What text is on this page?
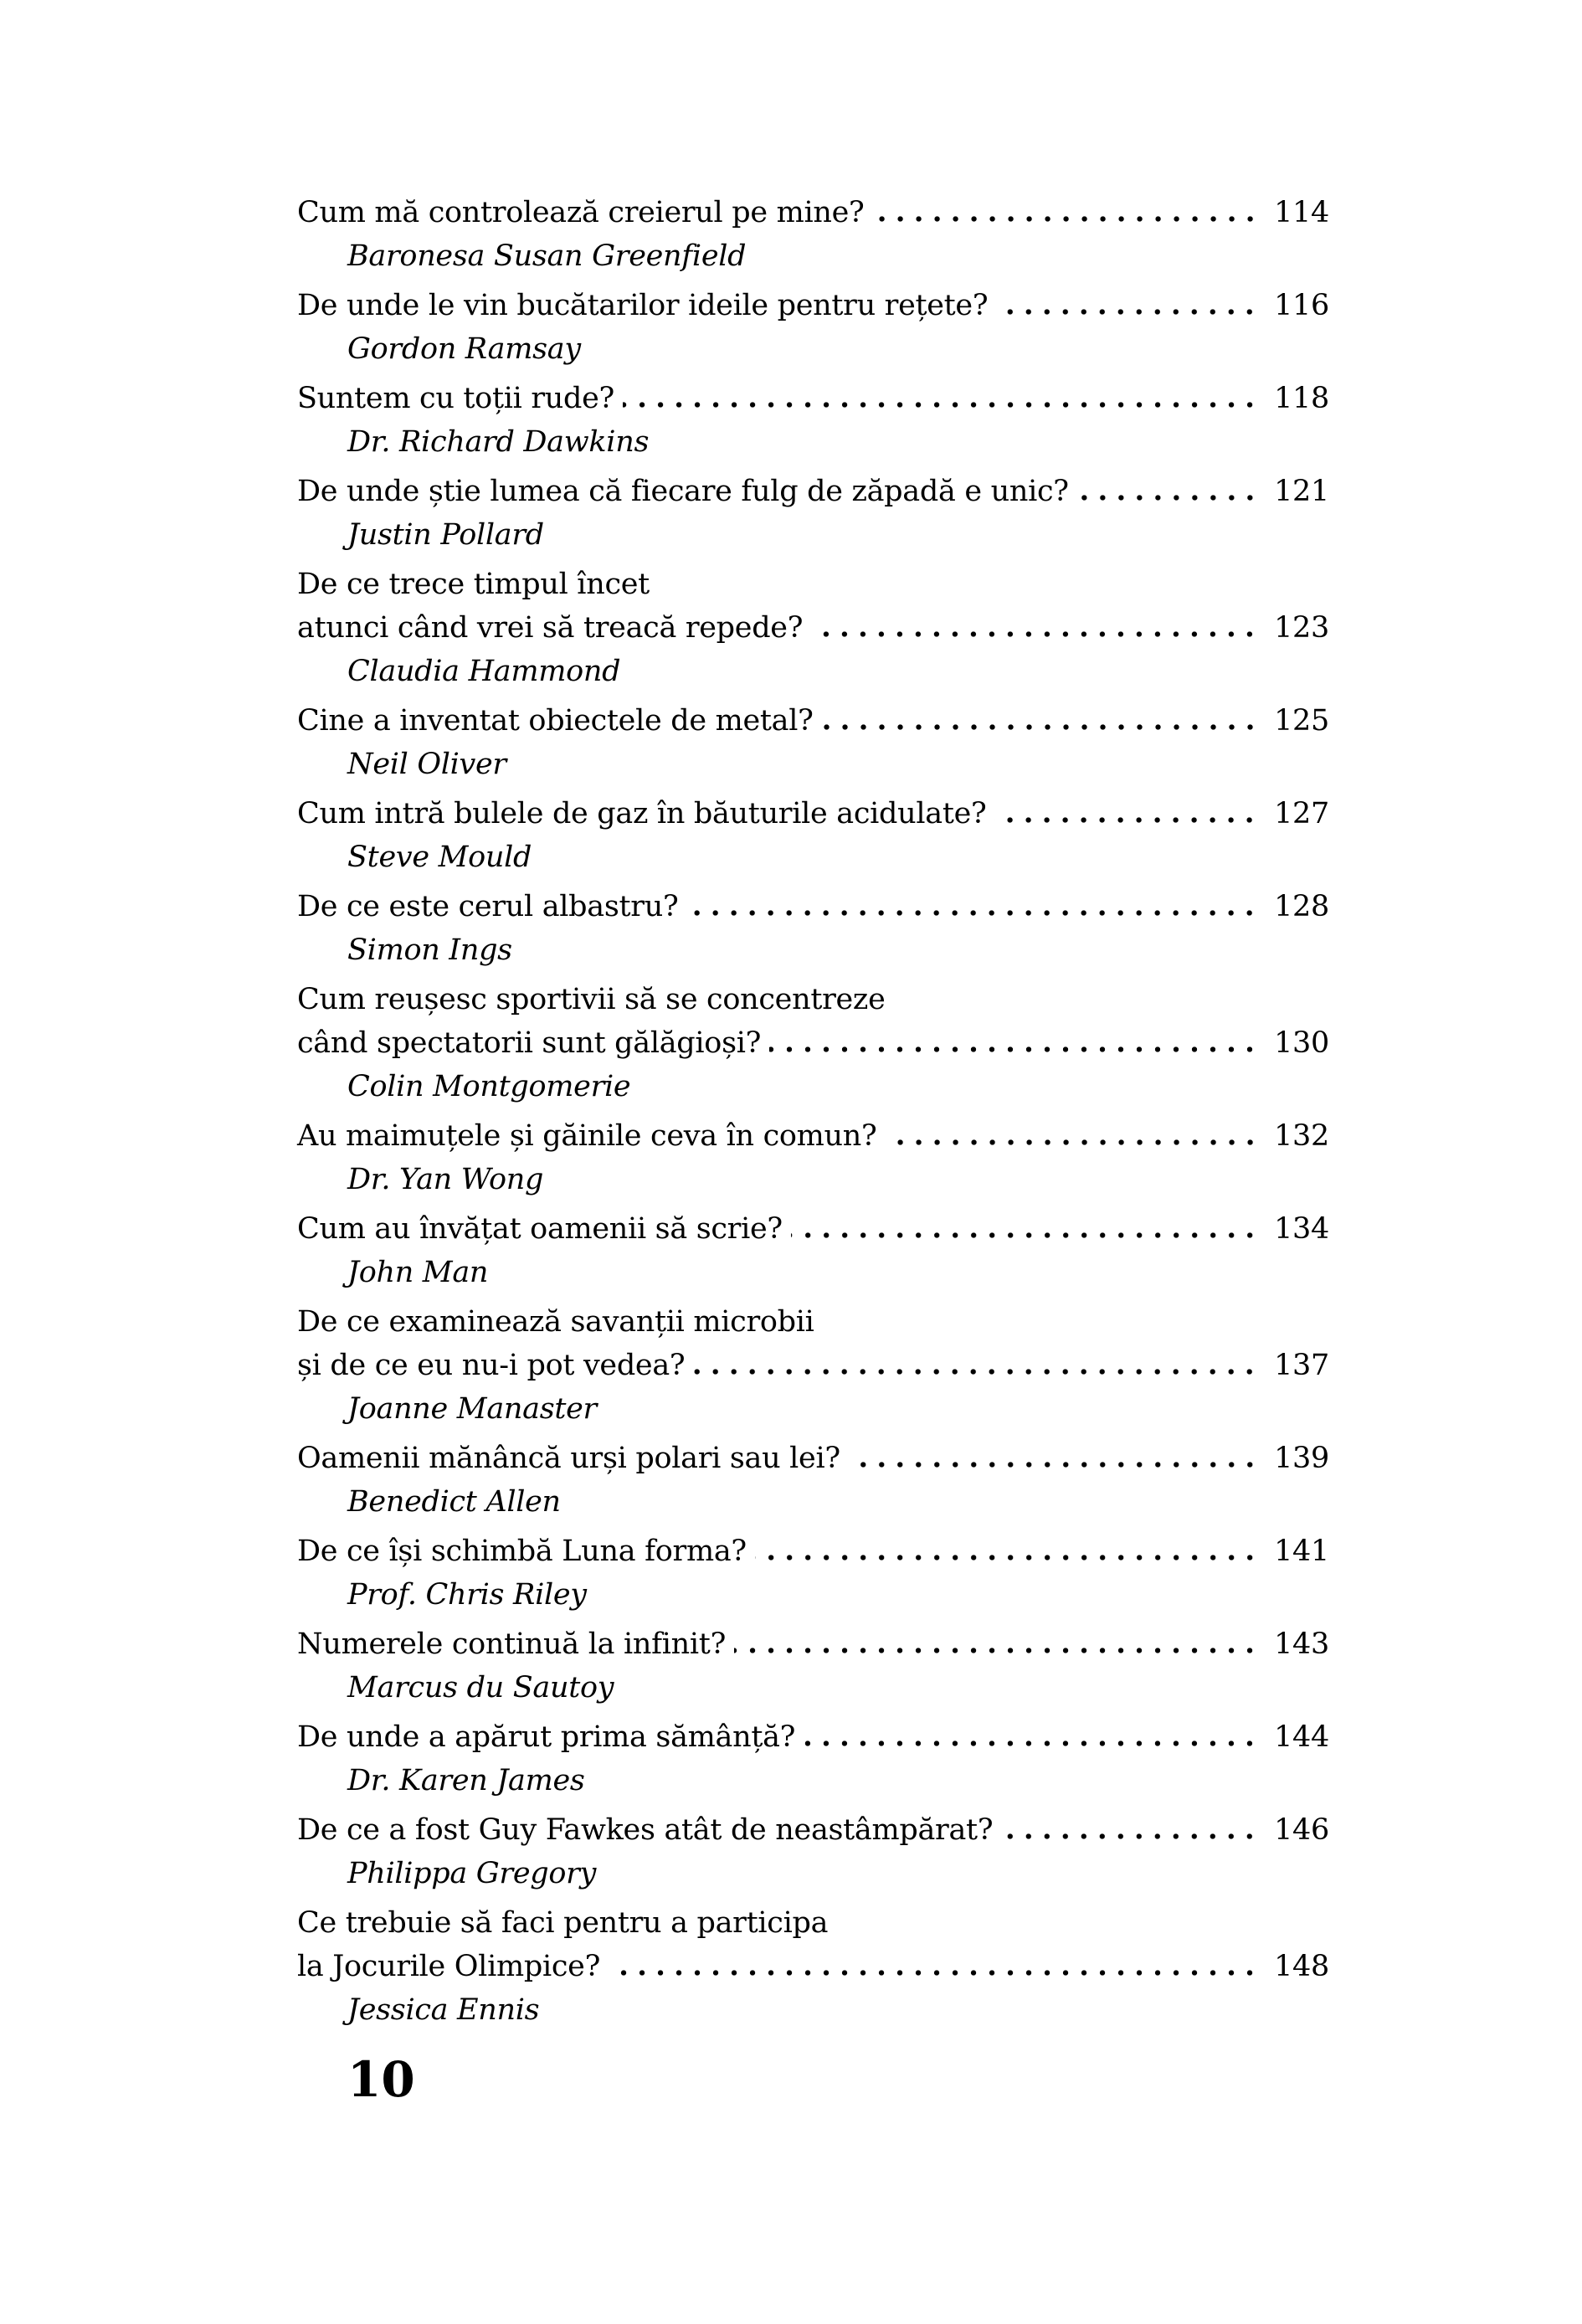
Cum mă controlează creierul pe mine?	114
Baronesa Susan Greenfield
De unde le vin bucătarilor ideile pentru rețete?	116
Gordon Ramsay
Suntem cu toții rude?	118
Dr. Richard Dawkins
De unde știe lumea că fiecare fulg de zăpadă e unic?	121
Justin Pollard
De ce trece timpul încet
atunci când vrei să treacă repede?	123
Claudia Hammond
Cine a inventat obiectele de metal?	125
Neil Oliver
Cum intră bulele de gaz în băuturile acidulate?	127
Steve Mould
De ce este cerul albastru?	128
Simon Ings
Cum reușesc sportivii să se concentreze
când spectatorii sunt gălăgioși?	130
Colin Montgomerie
Au maimuțele și găinile ceva în comun?	132
Dr. Yan Wong
Cum au învățat oamenii să scrie?	134
John Man
De ce examinează savanții microbii
și de ce eu nu-i pot vedea?	137
Joanne Manaster
Oamenii mănâncă urși polari sau lei?	139
Benedict Allen
De ce își schimbă Luna forma?	141
Prof. Chris Riley
Numerele continuă la infinit?	143
Marcus du Sautoy
De unde a apărut prima sămânță?	144
Dr. Karen James
De ce a fost Guy Fawkes atât de neastâmpărat?	146
Philippa Gregory
Ce trebuie să faci pentru a participa
la Jocurile Olimpice?	148
Jessica Ennis
10
